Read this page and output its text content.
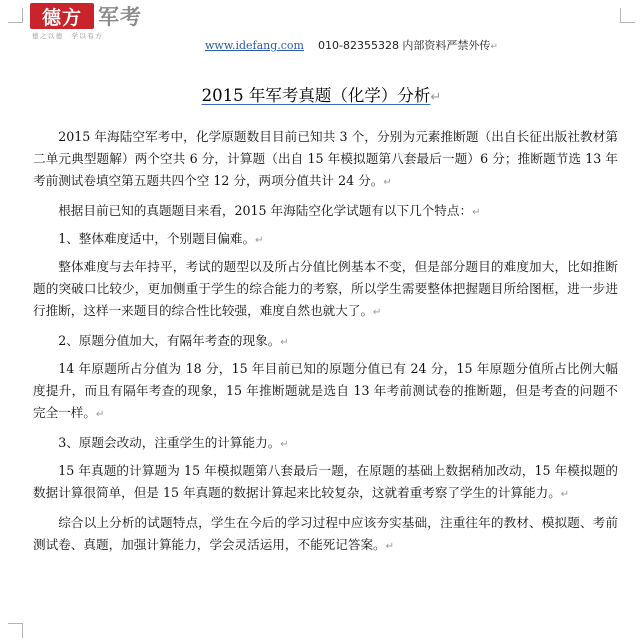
德方 军考
德之以德　学以有方
www.idefang.com 010-82355328 内部资料严禁外传↵
2015 年军考真题（化学）分析↵

2015 年海陆空军考中，化学原题数目目前已知共 3 个，分别为元素推断题（出自长征出版社教材第二单元典型题解）两个空共 6 分，计算题（出自 15 年模拟题第八套最后一题）6 分；推断题节选 13 年考前测试卷填空第五题共四个空 12 分，两项分值共计 24 分。↵

根据目前已知的真题题目来看，2015 年海陆空化学试题有以下几个特点：↵

1、整体难度适中，个别题目偏难。↵

整体难度与去年持平，考试的题型以及所占分值比例基本不变，但是部分题目的难度加大，比如推断题的突破口比较少，更加侧重于学生的综合能力的考察，所以学生需要整体把握题目所给图框，进一步进行推断，这样一来题目的综合性比较强，难度自然也就大了。↵

2、原题分值加大，有隔年考查的现象。↵

14 年原题所占分值为 18 分，15 年目前已知的原题分值已有 24 分，15 年原题分值所占比例大幅度提升，而且有隔年考查的现象，15 年推断题就是选自 13 年考前测试卷的推断题，但是考查的问题不完全一样。↵

3、原题会改动，注重学生的计算能力。↵

15 年真题的计算题为 15 年模拟题第八套最后一题，在原题的基础上数据稍加改动，15 年模拟题的数据计算很简单，但是 15 年真题的数据计算起来比较复杂，这就着重考察了学生的计算能力。↵

综合以上分析的试题特点，学生在今后的学习过程中应该夯实基础，注重往年的教材、模拟题、考前测试卷、真题，加强计算能力，学会灵活运用，不能死记答案。↵
